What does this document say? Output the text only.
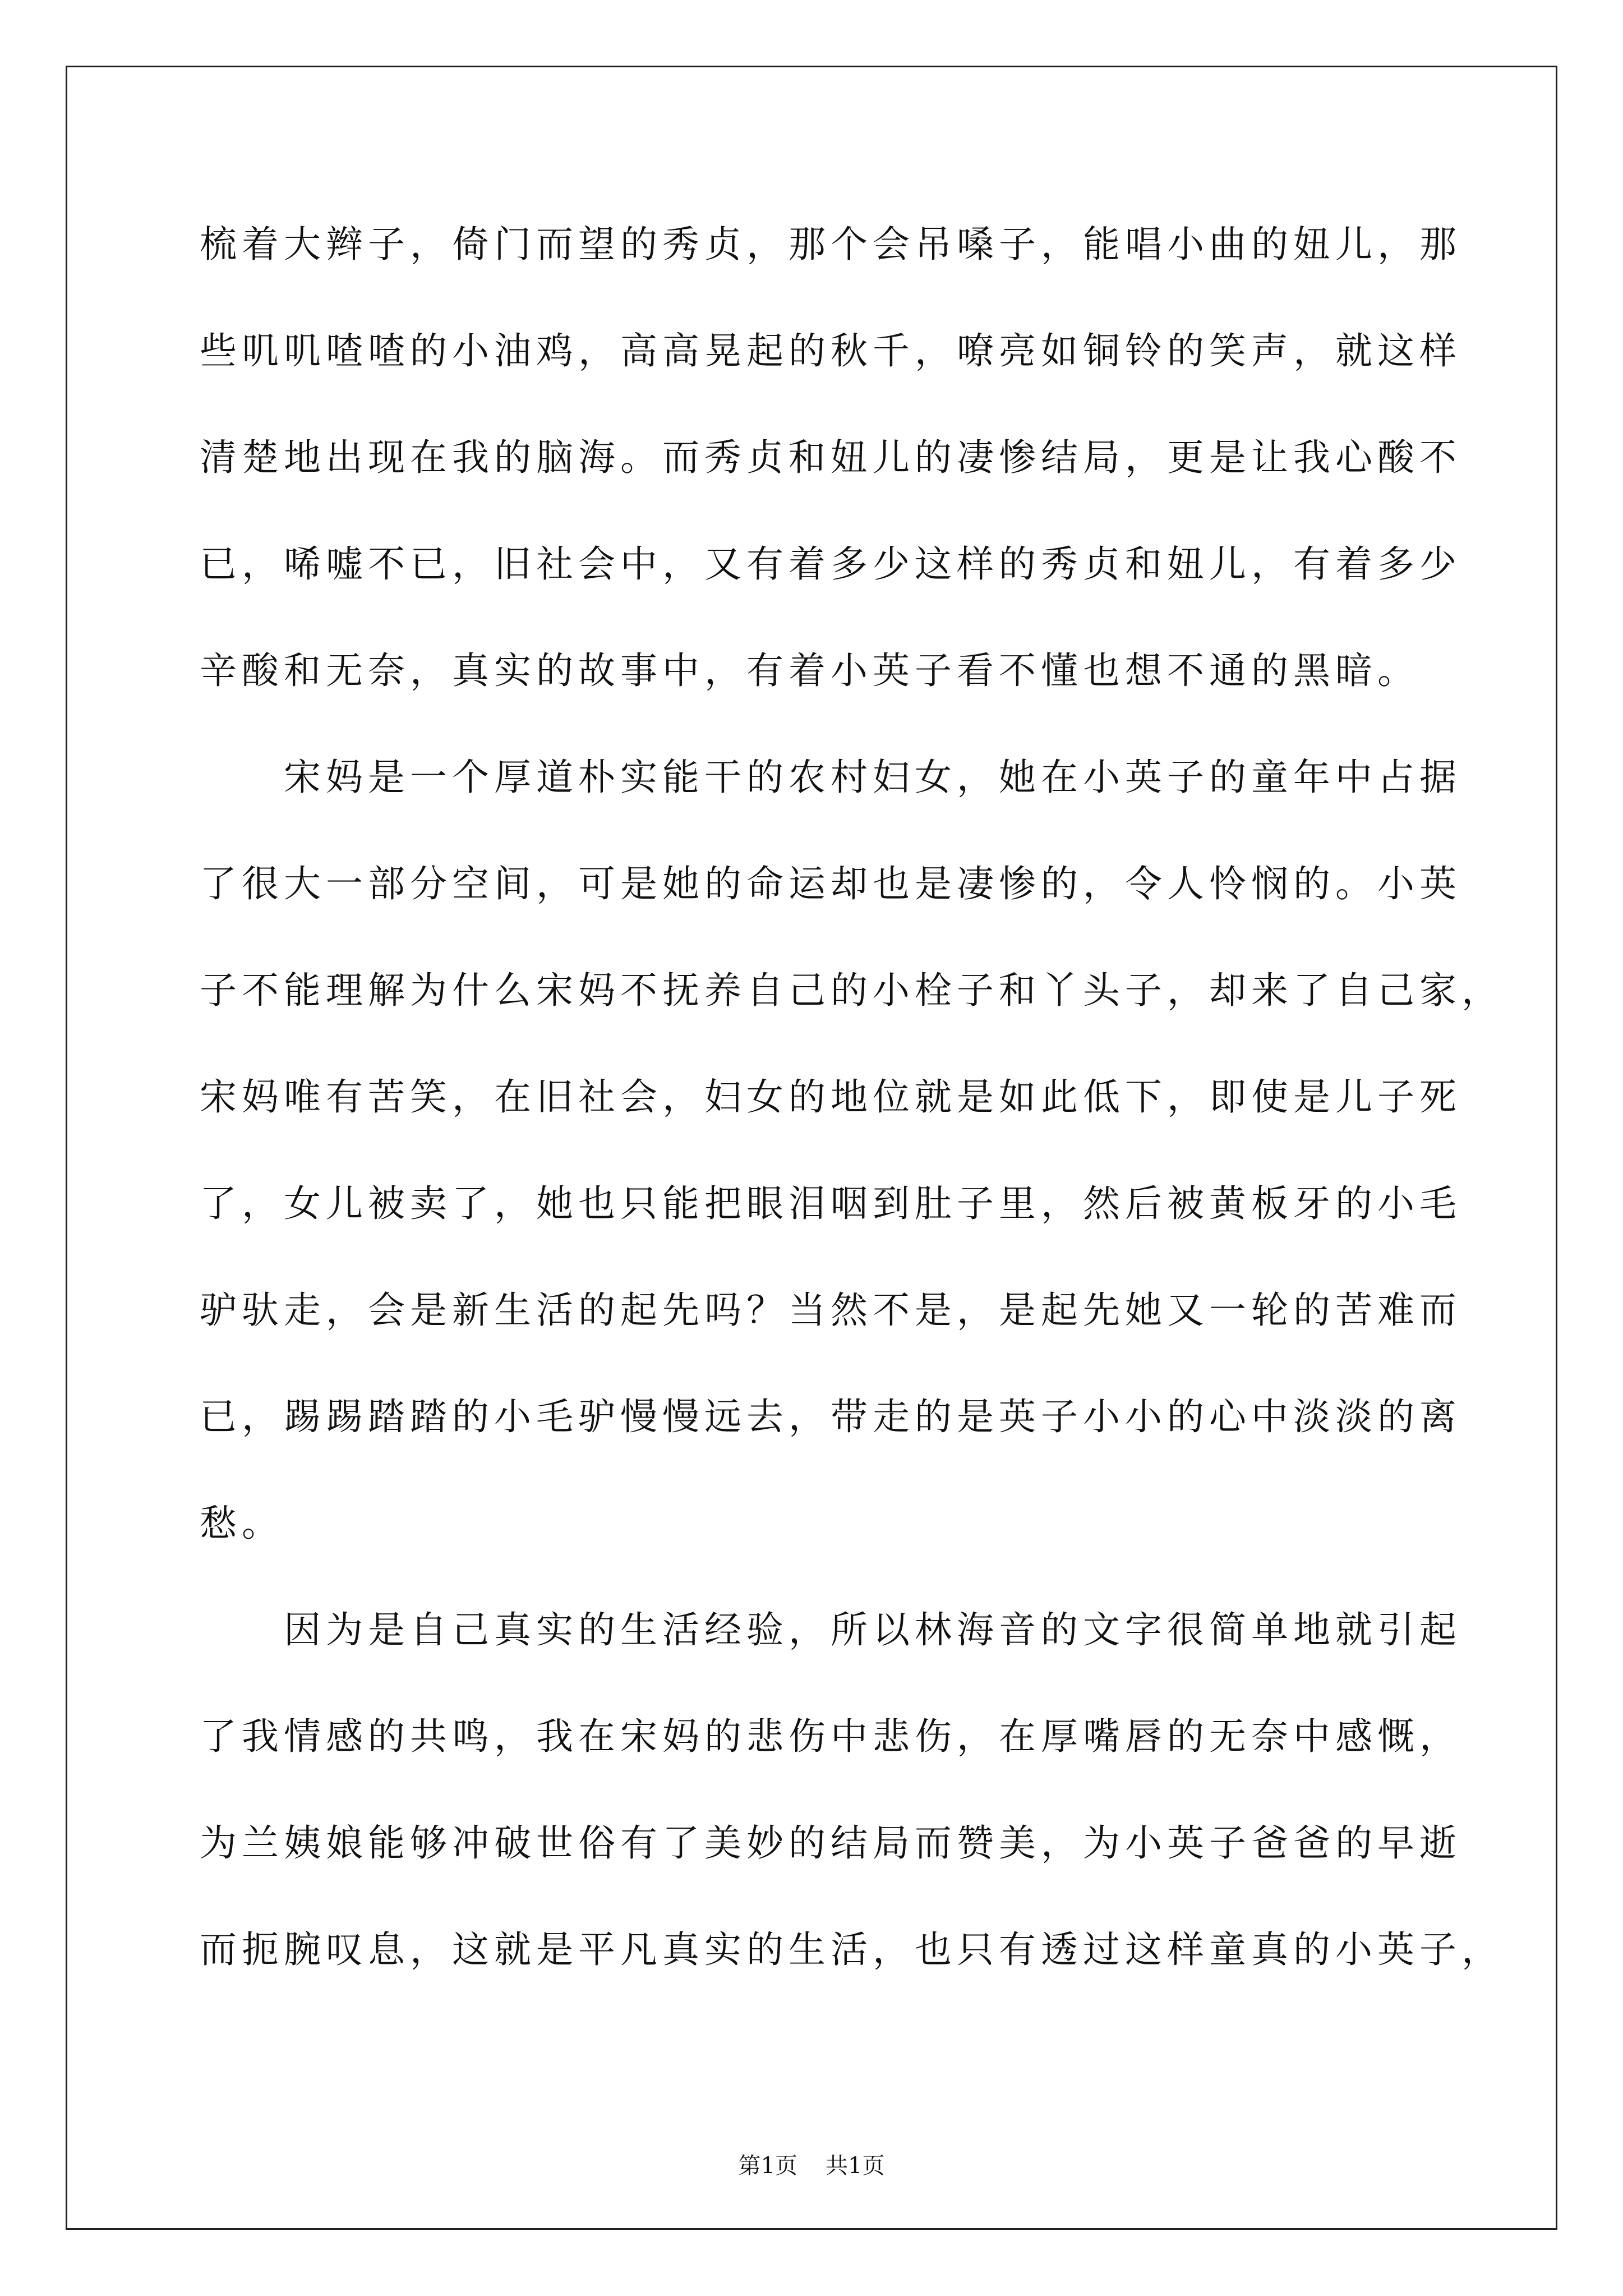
梳着大辫子，倚门而望的秀贞，那个会吊嗓子，能唱小曲的妞儿，那
些叽叽喳喳的小油鸡，高高晃起的秋千，嘹亮如铜铃的笑声，就这样
清楚地出现在我的脑海。而秀贞和妞儿的凄惨结局，更是让我心酸不
已，唏嘘不已，旧社会中，又有着多少这样的秀贞和妞儿，有着多少
辛酸和无奈，真实的故事中，有着小英子看不懂也想不通的黑暗。
宋妈是一个厚道朴实能干的农村妇女，她在小英子的童年中占据
了很大一部分空间，可是她的命运却也是凄惨的，令人怜悯的。小英
子不能理解为什么宋妈不抚养自己的小栓子和丫头子，却来了自己家，
宋妈唯有苦笑，在旧社会，妇女的地位就是如此低下，即使是儿子死
了，女儿被卖了，她也只能把眼泪咽到肚子里，然后被黄板牙的小毛
驴驮走，会是新生活的起先吗？当然不是，是起先她又一轮的苦难而
已，踢踢踏踏的小毛驴慢慢远去，带走的是英子小小的心中淡淡的离
愁。
因为是自己真实的生活经验，所以林海音的文字很简单地就引起
了我情感的共鸣，我在宋妈的悲伤中悲伤，在厚嘴唇的无奈中感慨，
为兰姨娘能够冲破世俗有了美妙的结局而赞美，为小英子爸爸的早逝
而扼腕叹息，这就是平凡真实的生活，也只有透过这样童真的小英子，
第1页 共1页
